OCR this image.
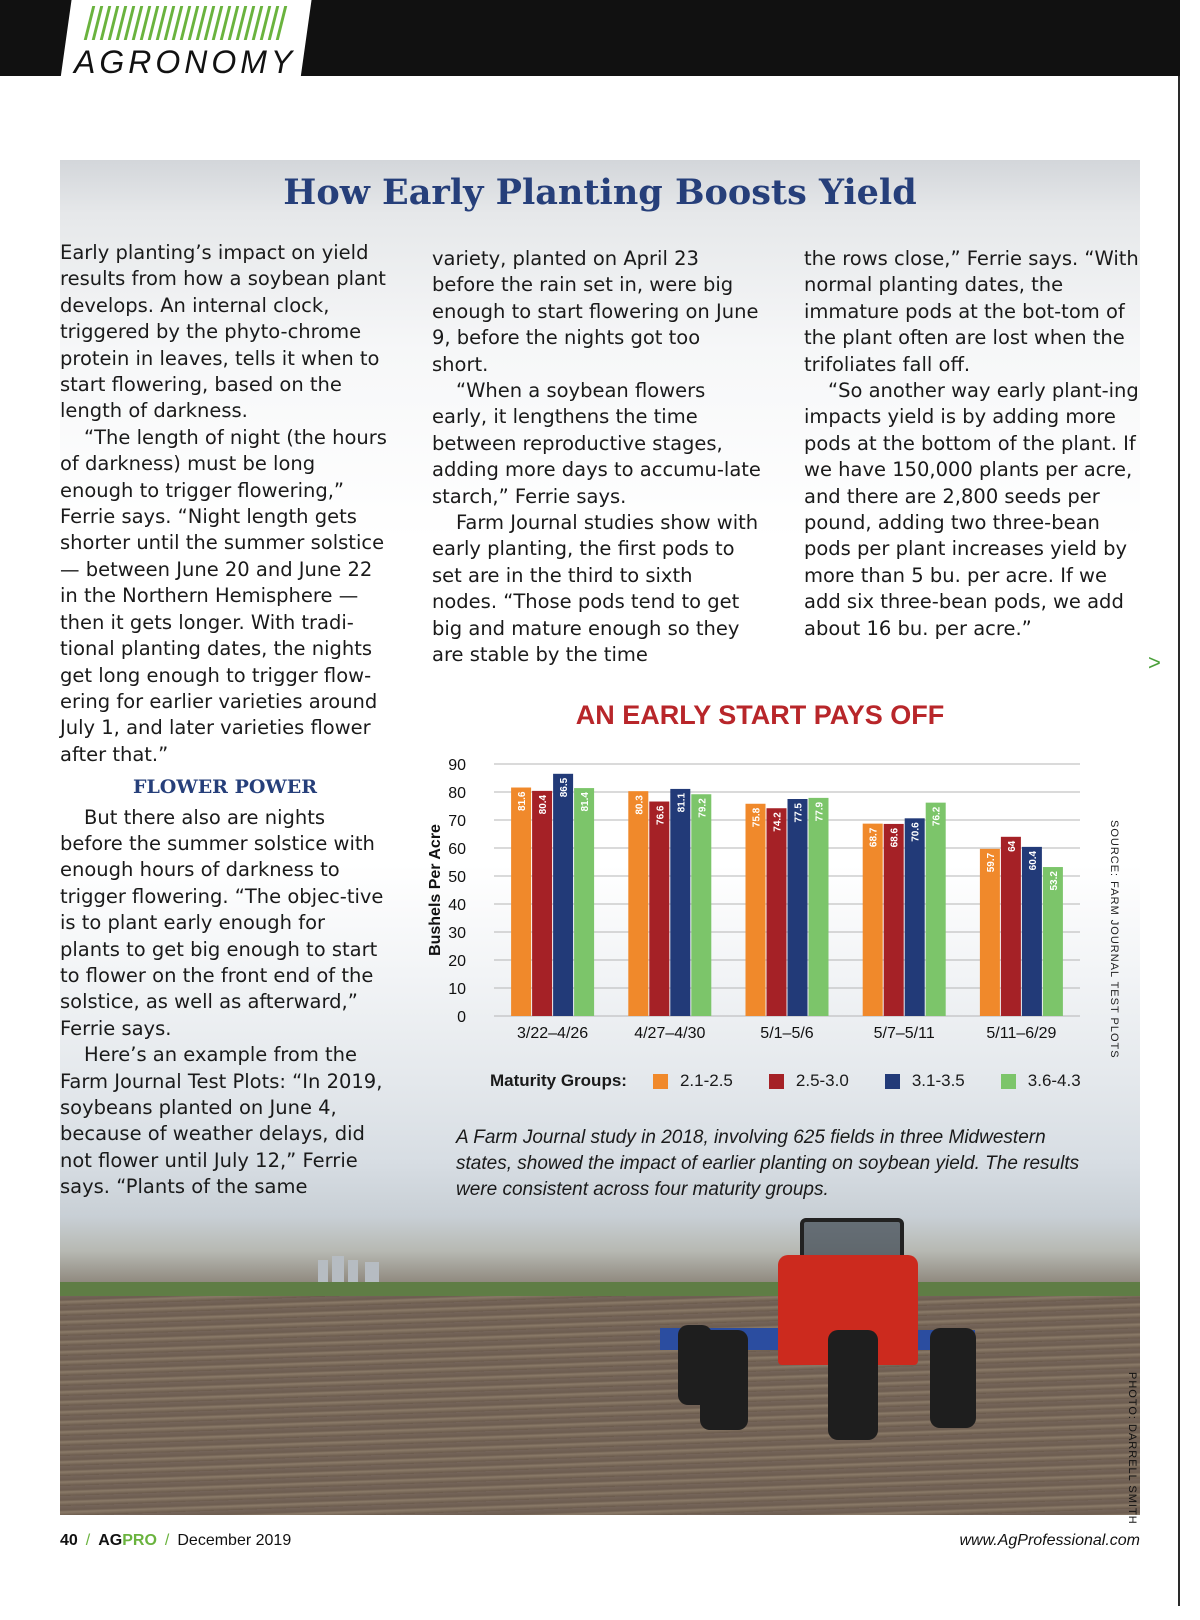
AGRONOMY
How Early Planting Boosts Yield

Early planting’s impact on yield results from how a soybean plant develops. An internal clock, triggered by the phyto-chrome protein in leaves, tells it when to start flowering, based on the length of darkness.

“The length of night (the hours of darkness) must be long enough to trigger flowering,” Ferrie says. “Night length gets shorter until the summer solstice — between June 20 and June 22 in the Northern Hemisphere — then it gets longer. With tradi-tional planting dates, the nights get long enough to trigger flow-ering for earlier varieties around July 1, and later varieties flower after that.”

FLOWER POWER

But there also are nights before the summer solstice with enough hours of darkness to trigger flowering. “The objec-tive is to plant early enough for plants to get big enough to start to flower on the front end of the solstice, as well as afterward,” Ferrie says.

Here’s an example from the Farm Journal Test Plots: “In 2019, soybeans planted on June 4, because of weather delays, did not flower until July 12,” Ferrie says. “Plants of the same

variety, planted on April 23 before the rain set in, were big enough to start flowering on June 9, before the nights got too short.

“When a soybean flowers early, it lengthens the time between reproductive stages, adding more days to accumu-late starch,” Ferrie says.

Farm Journal studies show with early planting, the first pods to set are in the third to sixth nodes. “Those pods tend to get big and mature enough so they are stable by the time

the rows close,” Ferrie says. “With normal planting dates, the immature pods at the bot-tom of the plant often are lost when the trifoliates fall off.

“So another way early plant-ing impacts yield is by adding more pods at the bottom of the plant. If we have 150,000 plants per acre, and there are 2,800 seeds per pound, adding two three-bean pods per plant increases yield by more than 5 bu. per acre. If we add six three-bean pods, we add about 16 bu. per acre.”

>
AN EARLY START PAYS OFF
0
10
20
30
40
50
60
70
80
90
Bushels Per Acre
81.6 80.4
86.5
81.4
3/22–4/26
80.3
76.6
81.1 79.2
4/27–4/30
75.8 74.2 77.5 77.9
5/1–5/6
68.7 68.6 70.6
76.2
5/7–5/11
59.7
64
60.4
53.2
5/11–6/29	SOURCE: FARM JOURNAL TEST PLOTS
Maturity Groups:	2.1-2.5	2.5-3.0	3.1-3.5	3.6-4.3
A Farm Journal study in 2018, involving 625 fields in three Midwestern states, showed the impact of earlier planting on soybean yield. The results were consistent across four maturity groups.
PHOTO: DARRELL SMITH
40 / AGPRO / December 2019	www.AgProfessional.com
